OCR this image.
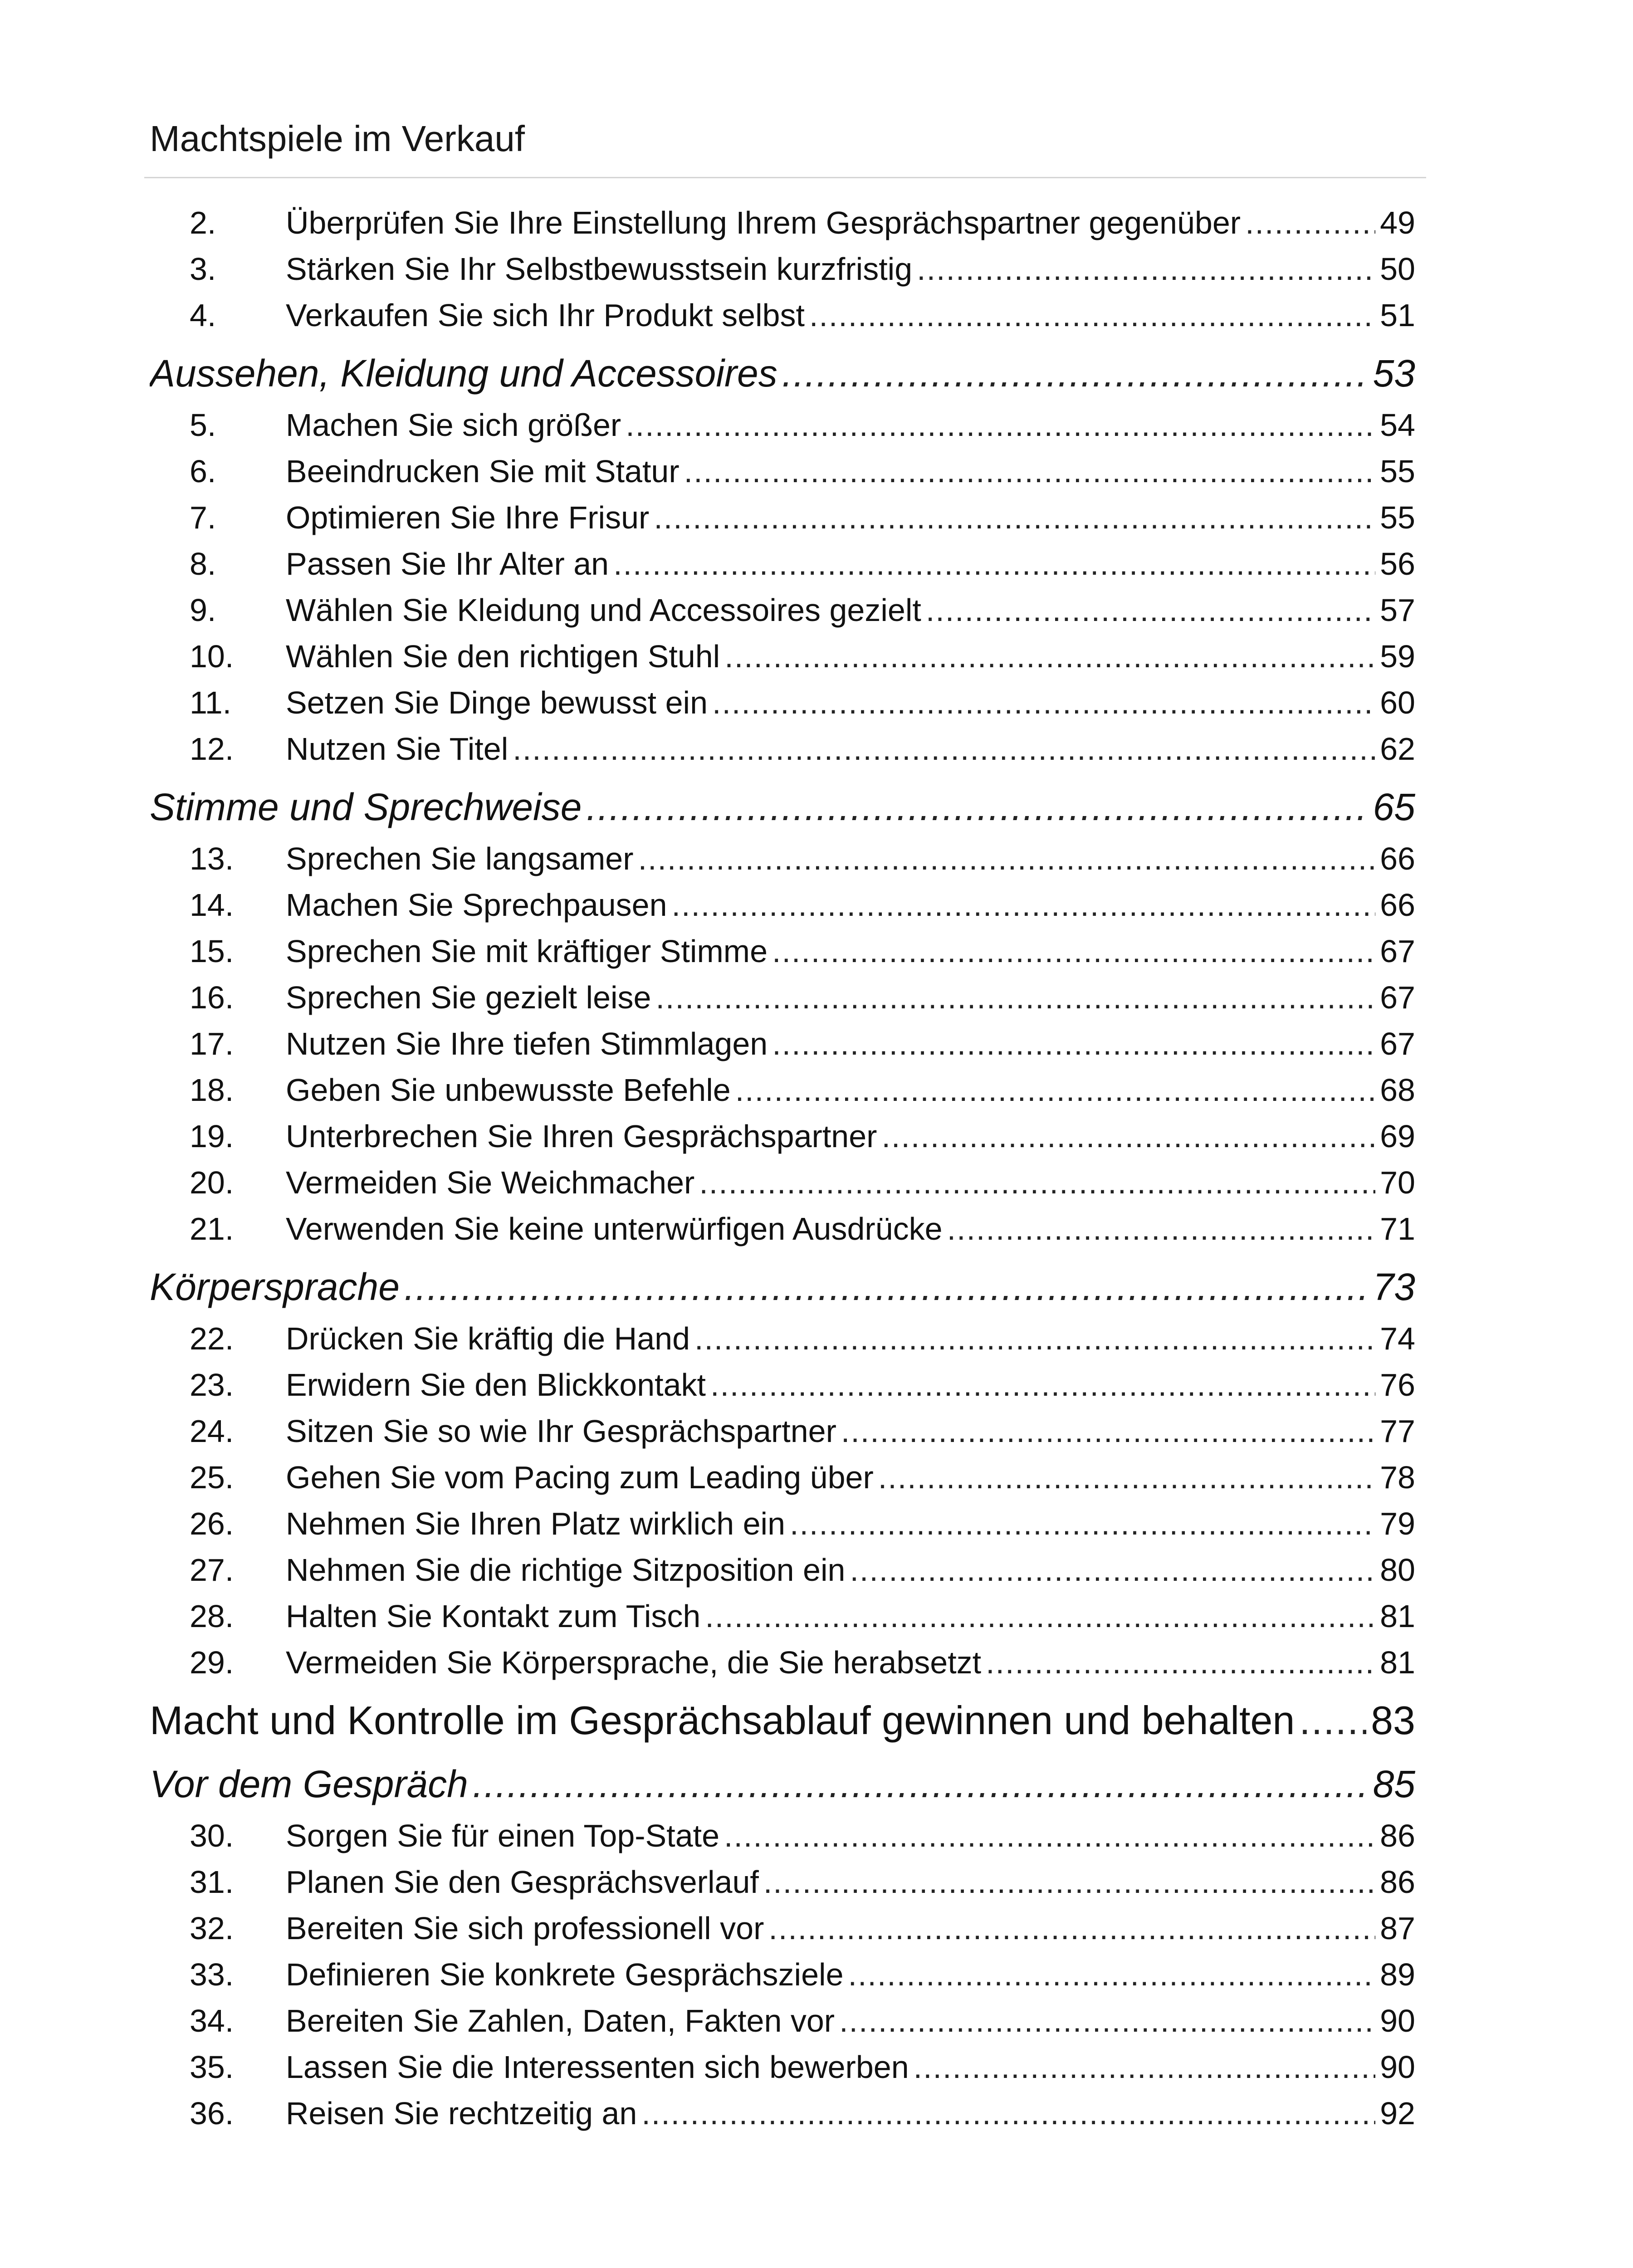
Machtspiele im Verkauf
2.	Überprüfen Sie Ihre Einstellung Ihrem Gesprächspartner gegenüber .....	49
3.	Stärken Sie Ihr Selbstbewusstsein kurzfristig .....	50
4.	Verkaufen Sie sich Ihr Produkt selbst .....	51
Aussehen, Kleidung und Accessoires .....	53
5.	Machen Sie sich größer .....	54
6.	Beeindrucken Sie mit Statur .....	55
7.	Optimieren Sie Ihre Frisur .....	55
8.	Passen Sie Ihr Alter an .....	56
9.	Wählen Sie Kleidung und Accessoires gezielt .....	57
10.	Wählen Sie den richtigen Stuhl .....	59
11.	Setzen Sie Dinge bewusst ein .....	60
12.	Nutzen Sie Titel .....	62
Stimme und Sprechweise .....	65
13.	Sprechen Sie langsamer .....	66
14.	Machen Sie Sprechpausen .....	66
15.	Sprechen Sie mit kräftiger Stimme .....	67
16.	Sprechen Sie gezielt leise .....	67
17.	Nutzen Sie Ihre tiefen Stimmlagen .....	67
18.	Geben Sie unbewusste Befehle .....	68
19.	Unterbrechen Sie Ihren Gesprächspartner .....	69
20.	Vermeiden Sie Weichmacher .....	70
21.	Verwenden Sie keine unterwürfigen Ausdrücke .....	71
Körpersprache .....	73
22.	Drücken Sie kräftig die Hand .....	74
23.	Erwidern Sie den Blickkontakt .....	76
24.	Sitzen Sie so wie Ihr Gesprächspartner .....	77
25.	Gehen Sie vom Pacing zum Leading über .....	78
26.	Nehmen Sie Ihren Platz wirklich ein .....	79
27.	Nehmen Sie die richtige Sitzposition ein .....	80
28.	Halten Sie Kontakt zum Tisch .....	81
29.	Vermeiden Sie Körpersprache, die Sie herabsetzt .....	81
Macht und Kontrolle im Gesprächsablauf gewinnen und behalten ..... 83
Vor dem Gespräch .....	85
30.	Sorgen Sie für einen Top-State .....	86
31.	Planen Sie den Gesprächsverlauf .....	86
32.	Bereiten Sie sich professionell vor .....	87
33.	Definieren Sie konkrete Gesprächsziele .....	89
34.	Bereiten Sie Zahlen, Daten, Fakten vor .....	90
35.	Lassen Sie die Interessenten sich bewerben .....	90
36.	Reisen Sie rechtzeitig an .....	92
